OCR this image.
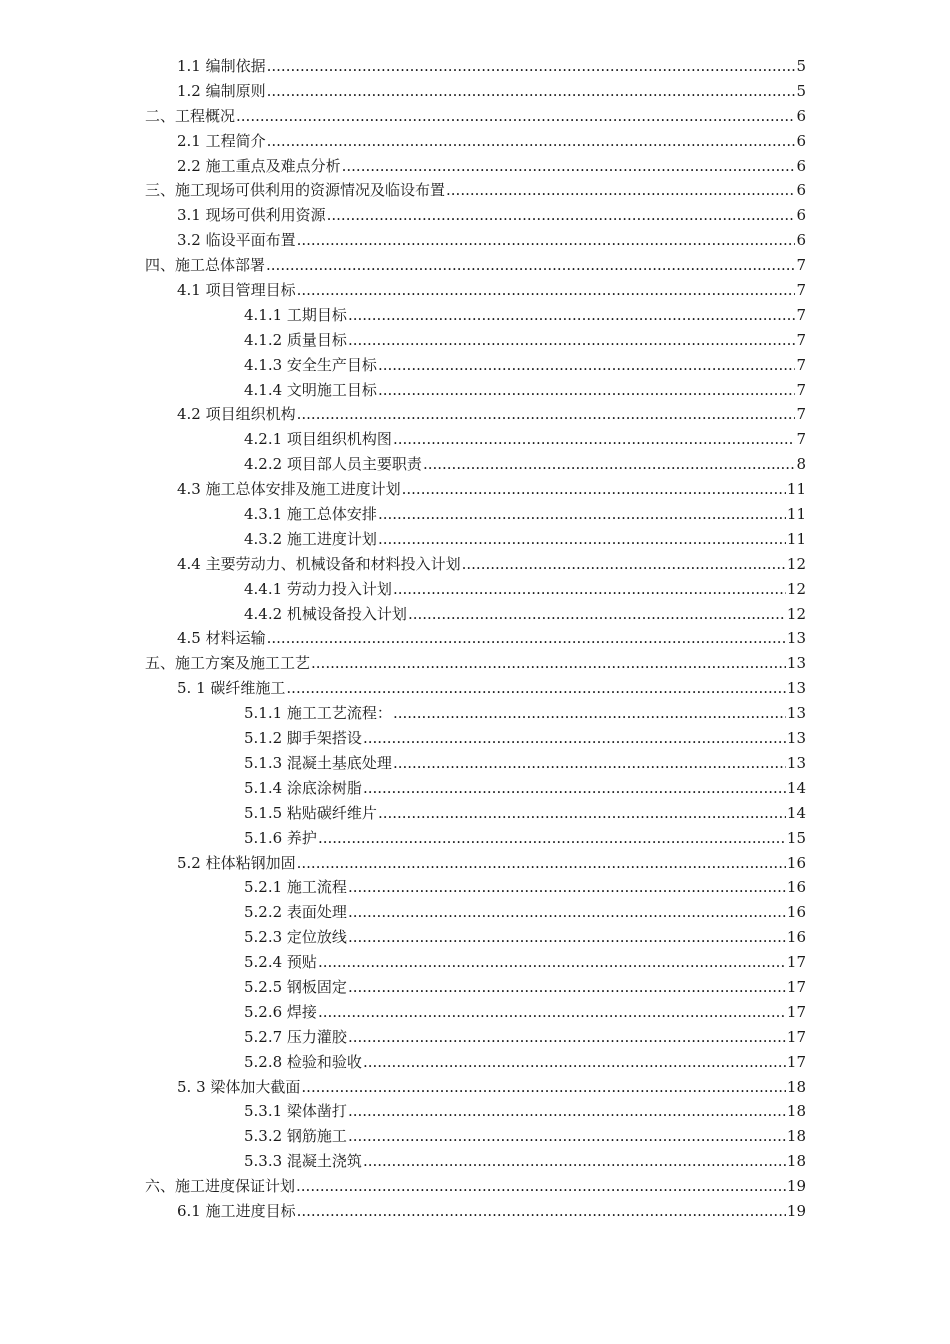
1.1 编制依据 .....	5
1.2 编制原则 .....	5
二、工程概况 .....	6
2.1 工程简介 .....	6
2.2 施工重点及难点分析 .....	6
三、施工现场可供利用的资源情况及临设布置 .....	6
3.1 现场可供利用资源 .....	6
3.2 临设平面布置 .....	6
四、施工总体部署 .....	7
4.1 项目管理目标 .....	7
4.1.1 工期目标 .....	7
4.1.2 质量目标 .....	7
4.1.3 安全生产目标 .....	7
4.1.4 文明施工目标 .....	7
4.2 项目组织机构 .....	7
4.2.1 项目组织机构图 .....	7
4.2.2 项目部人员主要职责 .....	8
4.3 施工总体安排及施工进度计划 .....	11
4.3.1 施工总体安排 .....	11
4.3.2 施工进度计划 .....	11
4.4 主要劳动力、机械设备和材料投入计划 .....	12
4.4.1 劳动力投入计划 .....	12
4.4.2 机械设备投入计划 .....	12
4.5 材料运输 .....	13
五、施工方案及施工工艺 .....	13
5. 1 碳纤维施工 .....	13
5.1.1 施工工艺流程： .....	13
5.1.2 脚手架搭设 .....	13
5.1.3 混凝土基底处理 .....	13
5.1.4 涂底涂树脂 .....	14
5.1.5 粘贴碳纤维片 .....	14
5.1.6 养护 .....	15
5.2 柱体粘钢加固 .....	16
5.2.1 施工流程 .....	16
5.2.2 表面处理 .....	16
5.2.3 定位放线 .....	16
5.2.4 预贴 .....	17
5.2.5 钢板固定 .....	17
5.2.6 焊接 .....	17
5.2.7 压力灌胶 .....	17
5.2.8 检验和验收 .....	17
5. 3 梁体加大截面 .....	18
5.3.1 梁体凿打 .....	18
5.3.2 钢筋施工 .....	18
5.3.3 混凝土浇筑 .....	18
六、施工进度保证计划 .....	19
6.1 施工进度目标 .....	19
